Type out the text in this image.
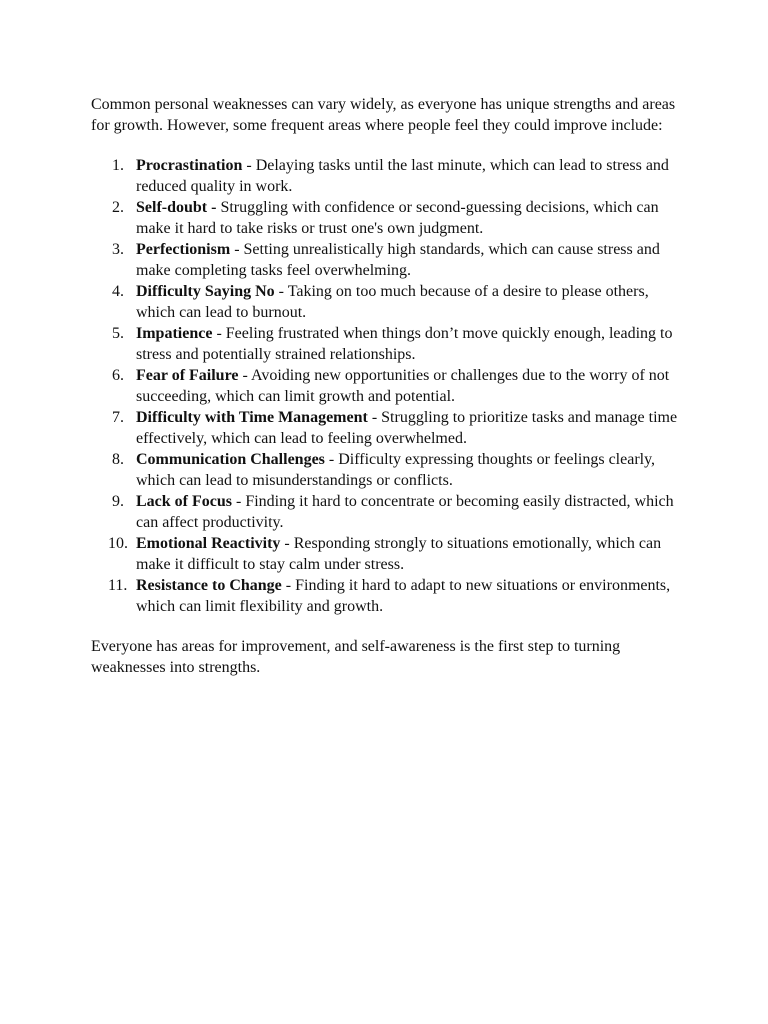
Common personal weaknesses can vary widely, as everyone has unique strengths and areas for growth. However, some frequent areas where people feel they could improve include:

1. Procrastination - Delaying tasks until the last minute, which can lead to stress and reduced quality in work.
2. Self-doubt - Struggling with confidence or second-guessing decisions, which can make it hard to take risks or trust one's own judgment.
3. Perfectionism - Setting unrealistically high standards, which can cause stress and make completing tasks feel overwhelming.
4. Difficulty Saying No - Taking on too much because of a desire to please others, which can lead to burnout.
5. Impatience - Feeling frustrated when things don’t move quickly enough, leading to stress and potentially strained relationships.
6. Fear of Failure - Avoiding new opportunities or challenges due to the worry of not succeeding, which can limit growth and potential.
7. Difficulty with Time Management - Struggling to prioritize tasks and manage time effectively, which can lead to feeling overwhelmed.
8. Communication Challenges - Difficulty expressing thoughts or feelings clearly, which can lead to misunderstandings or conflicts.
9. Lack of Focus - Finding it hard to concentrate or becoming easily distracted, which can affect productivity.
10. Emotional Reactivity - Responding strongly to situations emotionally, which can make it difficult to stay calm under stress.
11. Resistance to Change - Finding it hard to adapt to new situations or environments, which can limit flexibility and growth.

Everyone has areas for improvement, and self-awareness is the first step to turning weaknesses into strengths.
